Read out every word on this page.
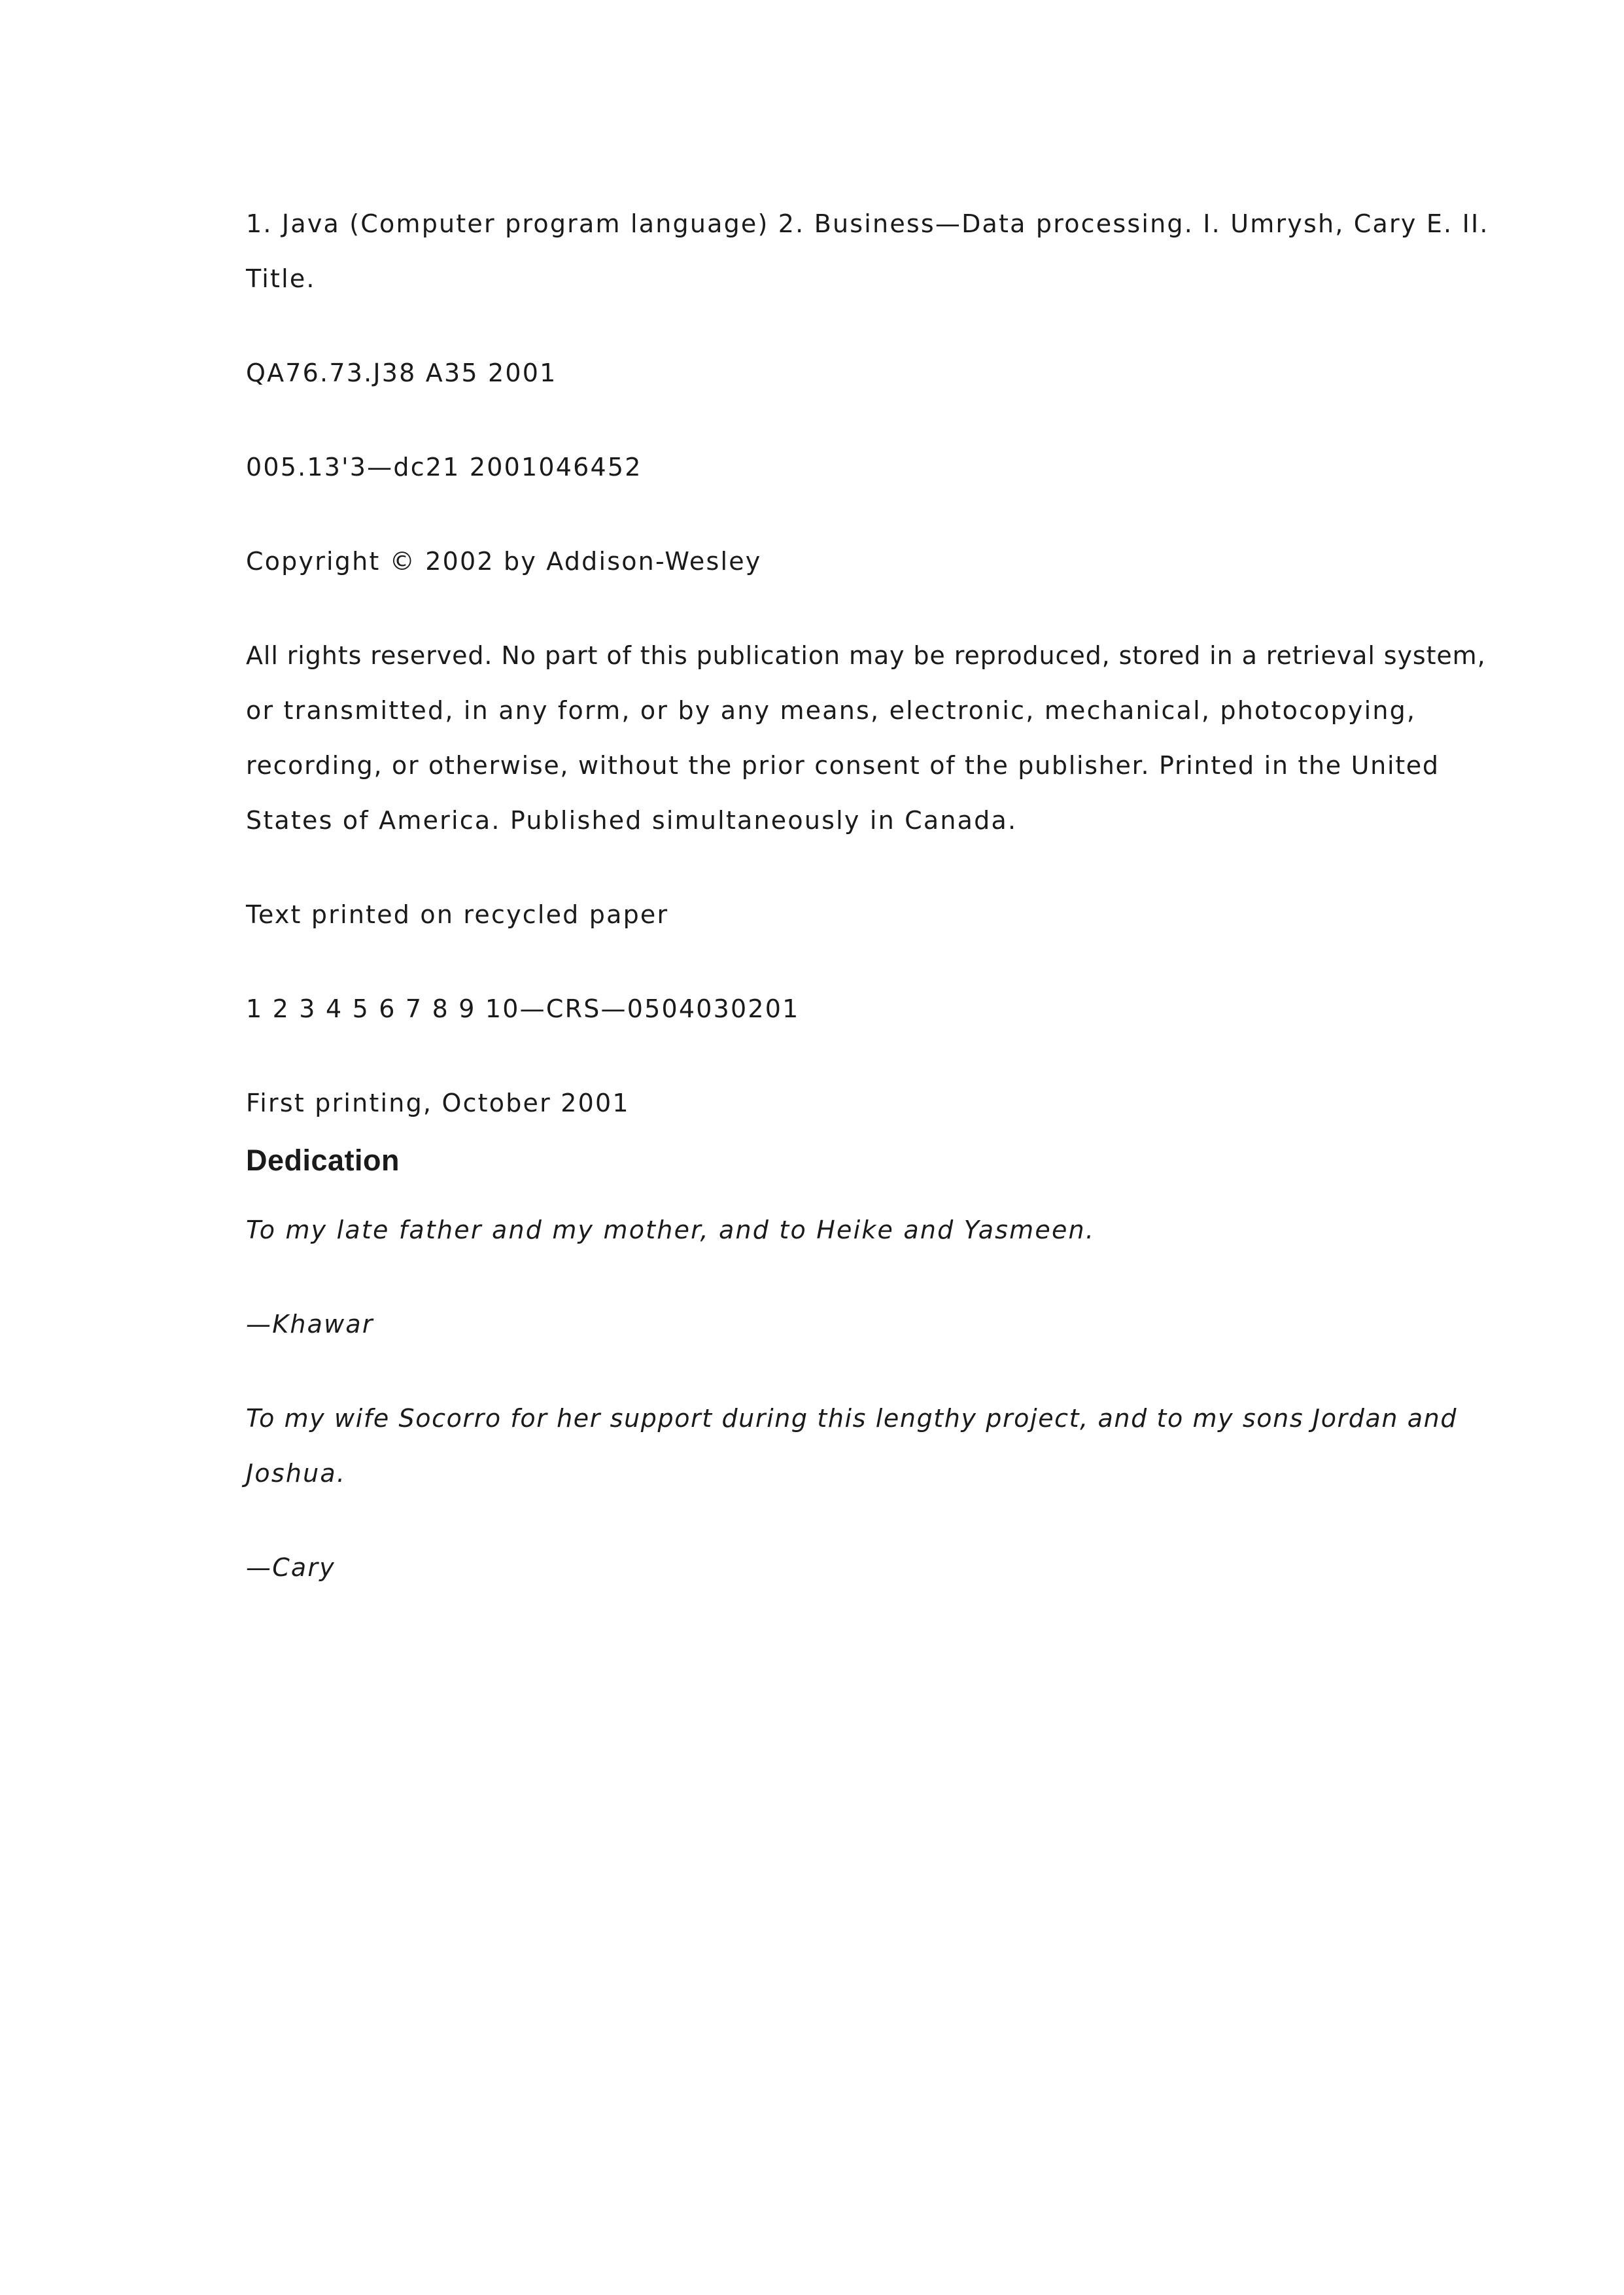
1. Java (Computer program language) 2. Business—Data processing. I. Umrysh, Cary E. II.

Title.

QA76.73.J38 A35 2001

005.13'3—dc21 2001046452

Copyright © 2002 by Addison-Wesley

All rights reserved. No part of this publication may be reproduced, stored in a retrieval system,

or transmitted, in any form, or by any means, electronic, mechanical, photocopying,

recording, or otherwise, without the prior consent of the publisher. Printed in the United

States of America. Published simultaneously in Canada.

Text printed on recycled paper

1 2 3 4 5 6 7 8 9 10—CRS—0504030201

First printing, October 2001

Dedication

To my late father and my mother, and to Heike and Yasmeen.

—Khawar

To my wife Socorro for her support during this lengthy project, and to my sons Jordan and

Joshua.

—Cary
